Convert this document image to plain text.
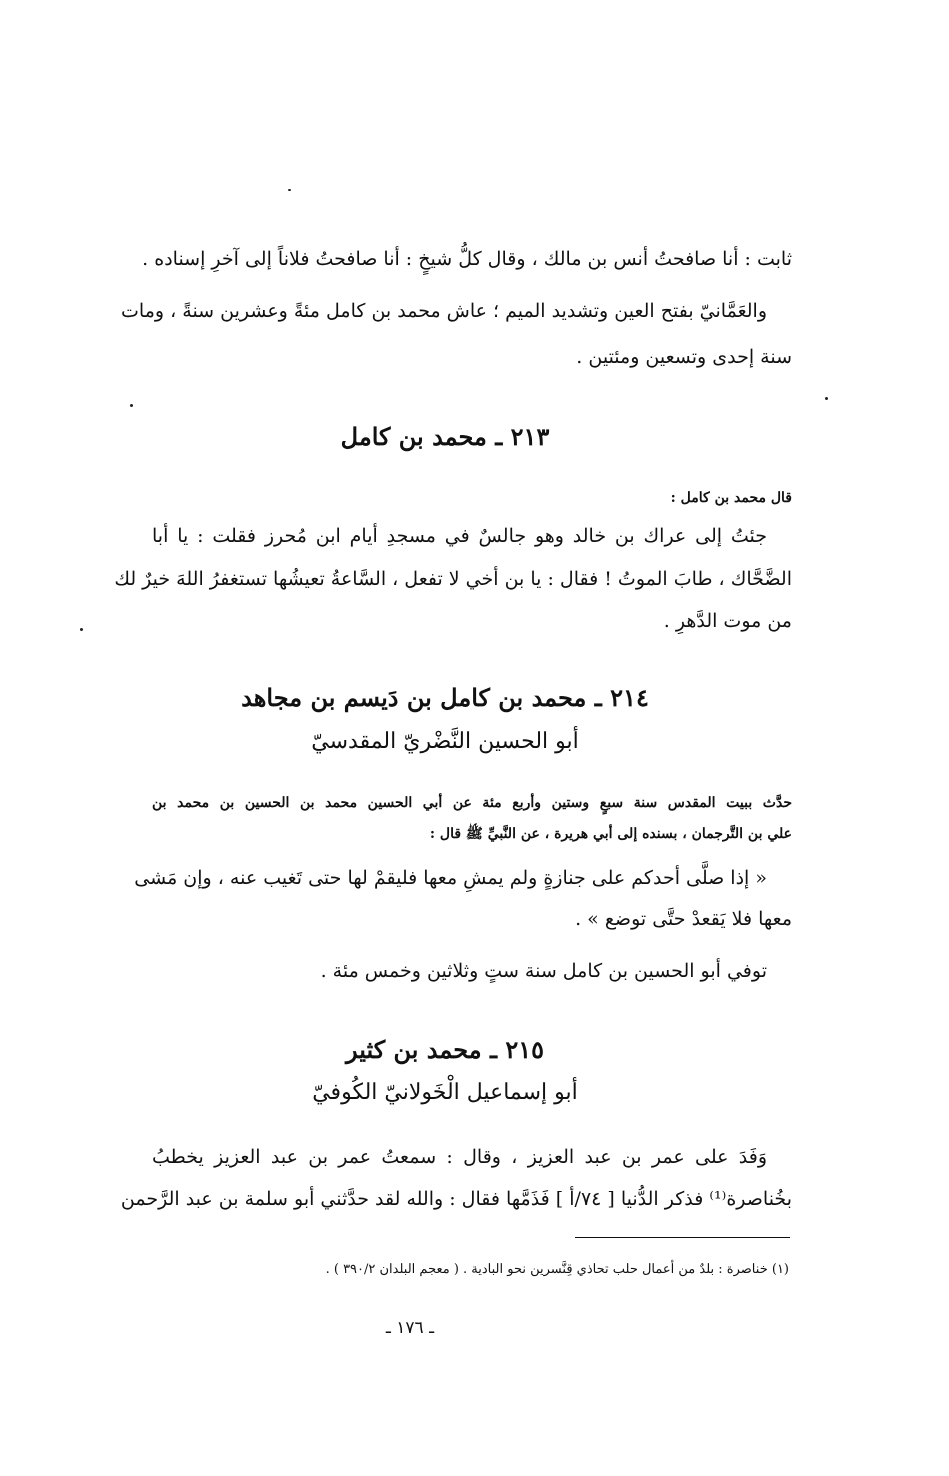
ثابت : أنا صافحتُ أنس بن مالك ، وقال كلُّ شيخٍ : أنا صافحتُ فلاناً إلى آخرِ إسناده .
والعَمَّانيّ بفتح العين وتشديد الميم ؛ عاش محمد بن كامل مئةً وعشرين سنةً ، ومات
سنة إحدى وتسعين ومئتين .
٢١٣ ـ محمد بن كامل
قال محمد بن كامل :
جئتُ إلى عراك بن خالد وهو جالسٌ في مسجدِ أيام ابن مُحرز فقلت : يا أبا
الضَّحَّاك ، طابَ الموتُ ! فقال : يا بن أخي لا تفعل ، السَّاعةُ تعيشُها تستغفرُ اللهَ خيرٌ لك
من موت الدَّهرِ .
٢١٤ ـ محمد بن كامل بن دَيسم بن مجاهد
أبو الحسين النَّضْريّ المقدسيّ
حدَّث ببيت المقدس سنة سبعٍ وستين وأربع مئة عن أبي الحسين محمد بن الحسين بن محمد بن
علي بن التَّرجمان ، بسنده إلى أبي هريرة ، عن النَّبيِّ ﷺ قال :
« إذا صلَّى أحدكم على جنازةٍ ولم يمشِ معها فليقمْ لها حتى تَغيب عنه ، وإن مَشى
معها فلا يَقعدْ حتَّى توضع » .
توفي أبو الحسين بن كامل سنة ستٍ وثلاثين وخمس مئة .
٢١٥ ـ محمد بن كثير
أبو إسماعيل الْخَولانيّ الكُوفيّ
وَفَدَ على عمر بن عبد العزيز ، وقال : سمعتُ عمر بن عبد العزيز يخطبُ
بخُناصرة⁽¹⁾ فذكر الدُّنيا [ ٧٤/أ ] فَذَمَّها فقال : والله لقد حدَّثني أبو سلمة بن عبد الرَّحمن
(١) خناصرة : بلدٌ من أعمال حلب تحاذي قِنَّسرين نحو البادية . ( معجم البلدان ٣٩٠/٢ ) .
ـ ١٧٦ ـ
